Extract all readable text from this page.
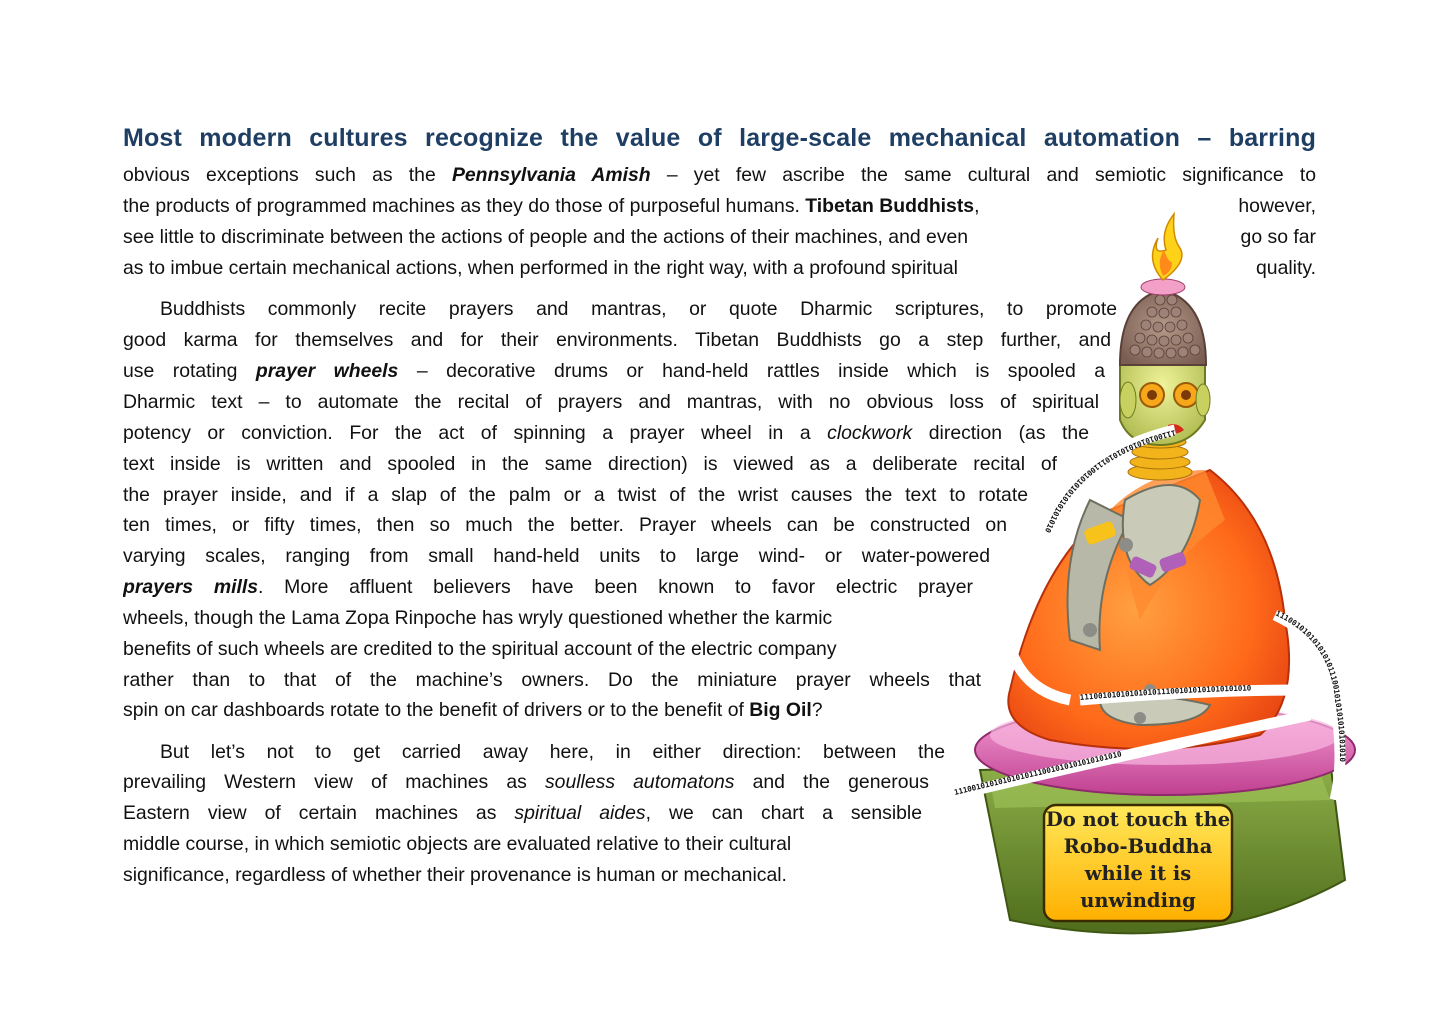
Most modern cultures recognize the value of large-scale mechanical automation – barring
obvious exceptions such as the Pennsylvania Amish – yet few ascribe the same cultural and semiotic significance to
the products of programmed machines as they do those of purposeful humans. Tibetan Buddhists,	however,
see little to discriminate between the actions of people and the actions of their machines, and even	go so far
as to imbue certain mechanical actions, when performed in the right way, with a profound spiritual	quality.
Buddhists commonly recite prayers and mantras, or quote Dharmic scriptures, to promote
good karma for themselves and for their environments. Tibetan Buddhists go a step further, and
use rotating prayer wheels – decorative drums or hand-held rattles inside which is spooled a
Dharmic text – to automate the recital of prayers and mantras, with no obvious loss of spiritual
potency or conviction. For the act of spinning a prayer wheel in a clockwork direction (as the
text inside is written and spooled in the same direction) is viewed as a deliberate recital of
the prayer inside, and if a slap of the palm or a twist of the wrist causes the text to rotate
ten times, or fifty times, then so much the better. Prayer wheels can be constructed on
varying scales, ranging from small hand-held units to large wind- or water-powered
prayers mills. More affluent believers have been known to favor electric prayer
wheels, though the Lama Zopa Rinpoche has wryly questioned whether the karmic
benefits of such wheels are credited to the spiritual account of the electric company
rather than to that of the machine’s owners. Do the miniature prayer wheels that
spin on car dashboards rotate to the benefit of drivers or to the benefit of Big Oil?
But let’s not to get carried away here, in either direction: between the
prevailing Western view of machines as soulless automatons and the generous
Eastern view of certain machines as spiritual aides, we can chart a sensible
middle course, in which semiotic objects are evaluated relative to their cultural
significance, regardless of whether their provenance is human or mechanical.
11100101010101010111001010101010101010
11100101010101010111001010101010101010
11100101010101010111001010101010101010
11100101010101010111001010101010101010
Do not touch the
Robo-Buddha
while it is
unwinding
